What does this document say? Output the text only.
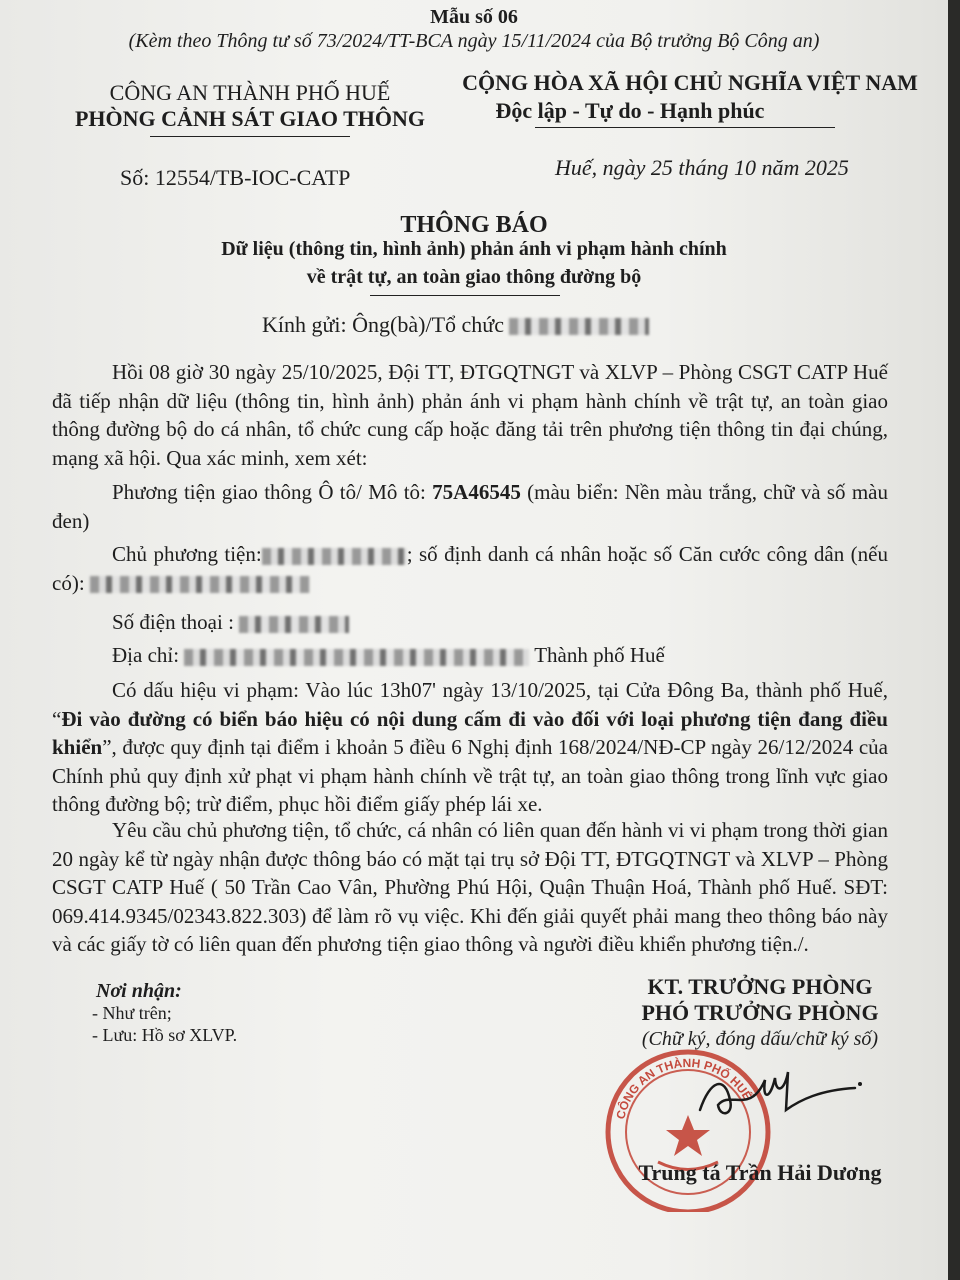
Mẫu số 06
(Kèm theo Thông tư số 73/2024/TT-BCA ngày 15/11/2024 của Bộ trưởng Bộ Công an)
CÔNG AN THÀNH PHỐ HUẾ
PHÒNG CẢNH SÁT GIAO THÔNG
CỘNG HÒA XÃ HỘI CHỦ NGHĨA VIỆT NAM
Độc lập - Tự do - Hạnh phúc
Số: 12554/TB-IOC-CATP	Huế, ngày 25 tháng 10 năm 2025
THÔNG BÁO
Dữ liệu (thông tin, hình ảnh) phản ánh vi phạm hành chính
về trật tự, an toàn giao thông đường bộ
Kính gửi: Ông(bà)/Tổ chức

Hồi 08 giờ 30 ngày 25/10/2025, Đội TT, ĐTGQTNGT và XLVP – Phòng CSGT CATP Huế đã tiếp nhận dữ liệu (thông tin, hình ảnh) phản ánh vi phạm hành chính về trật tự, an toàn giao thông đường bộ do cá nhân, tổ chức cung cấp hoặc đăng tải trên phương tiện thông tin đại chúng, mạng xã hội. Qua xác minh, xem xét:

Phương tiện giao thông Ô tô/ Mô tô: 75A46545 (màu biển: Nền màu trắng, chữ và số màu đen)

Chủ phương tiện:	; số định danh cá nhân hoặc số Căn cước công dân (nếu có):

Số điện thoại :

Địa chỉ:	Thành phố Huế

Có dấu hiệu vi phạm: Vào lúc 13h07' ngày 13/10/2025, tại Cửa Đông Ba, thành phố Huế, “Đi vào đường có biển báo hiệu có nội dung cấm đi vào đối với loại phương tiện đang điều khiển”, được quy định tại điểm i khoản 5 điều 6 Nghị định 168/2024/NĐ-CP ngày 26/12/2024 của Chính phủ quy định xử phạt vi phạm hành chính về trật tự, an toàn giao thông trong lĩnh vực giao thông đường bộ; trừ điểm, phục hồi điểm giấy phép lái xe.

Yêu cầu chủ phương tiện, tổ chức, cá nhân có liên quan đến hành vi vi phạm trong thời gian 20 ngày kể từ ngày nhận được thông báo có mặt tại trụ sở Đội TT, ĐTGQTNGT và XLVP – Phòng CSGT CATP Huế ( 50 Trần Cao Vân, Phường Phú Hội, Quận Thuận Hoá, Thành phố Huế. SĐT: 069.414.9345/02343.822.303) để làm rõ vụ việc. Khi đến giải quyết phải mang theo thông báo này và các giấy tờ có liên quan đến phương tiện giao thông và người điều khiển phương tiện./.

Nơi nhận:
- Như trên;
- Lưu: Hồ sơ XLVP.
KT. TRƯỞNG PHÒNG
PHÓ TRƯỞNG PHÒNG
(Chữ ký, đóng dấu/chữ ký số)
CÔNG AN THÀNH PHỐ HUẾ
Trung tá Trần Hải Dương
